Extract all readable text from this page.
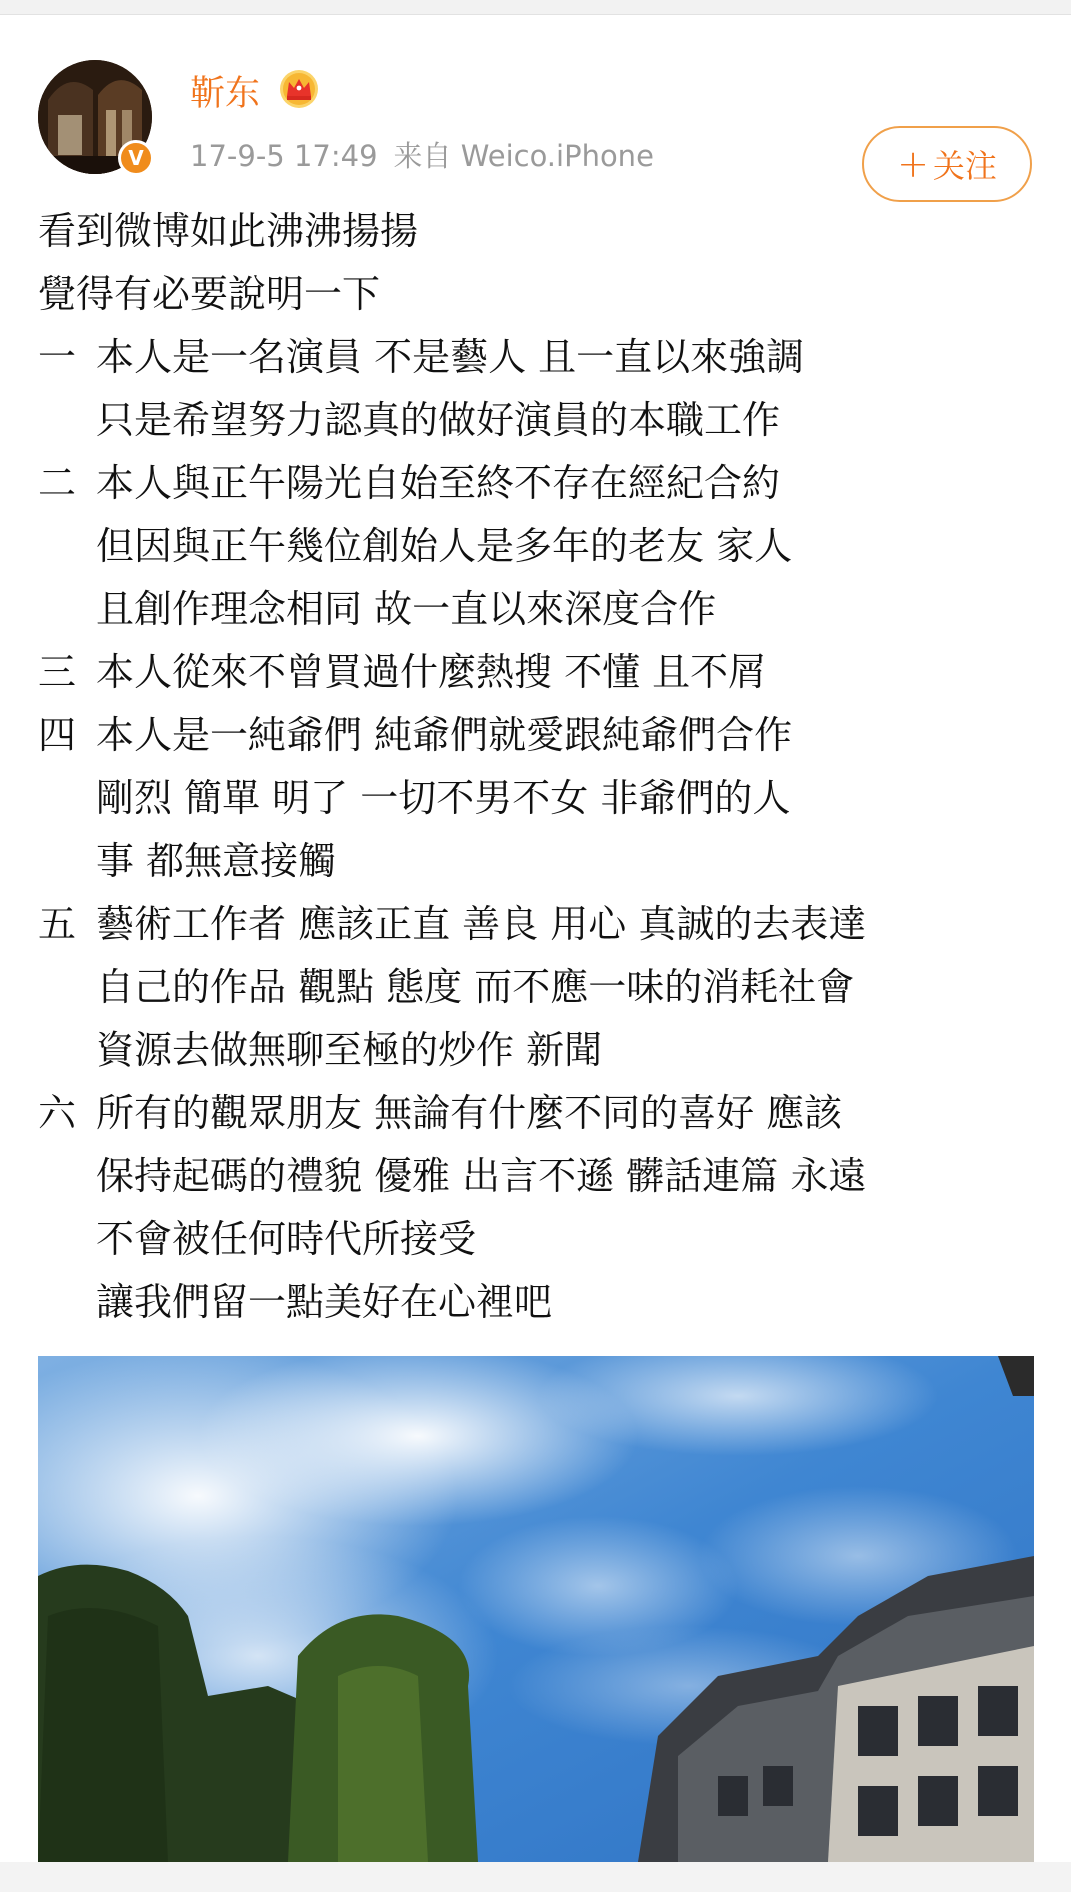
V
靳东
17-9-5 17:49 来自 Weico.iPhone	+ 关注
看到微博如此沸沸揚揚
覺得有必要說明一下
一 本人是一名演員 不是藝人 且一直以來強調
只是希望努力認真的做好演員的本職工作
二 本人與正午陽光自始至終不存在經紀合約
但因與正午幾位創始人是多年的老友 家人
且創作理念相同 故一直以來深度合作
三 本人從來不曾買過什麼熱搜 不懂 且不屑
四 本人是一純爺們 純爺們就愛跟純爺們合作
剛烈 簡單 明了 一切不男不女 非爺們的人
事 都無意接觸
五 藝術工作者 應該正直 善良 用心 真誠的去表達
自己的作品 觀點 態度 而不應一味的消耗社會
資源去做無聊至極的炒作 新聞
六 所有的觀眾朋友 無論有什麼不同的喜好 應該
保持起碼的禮貌 優雅 出言不遜 髒話連篇 永遠
不會被任何時代所接受
讓我們留一點美好在心裡吧
